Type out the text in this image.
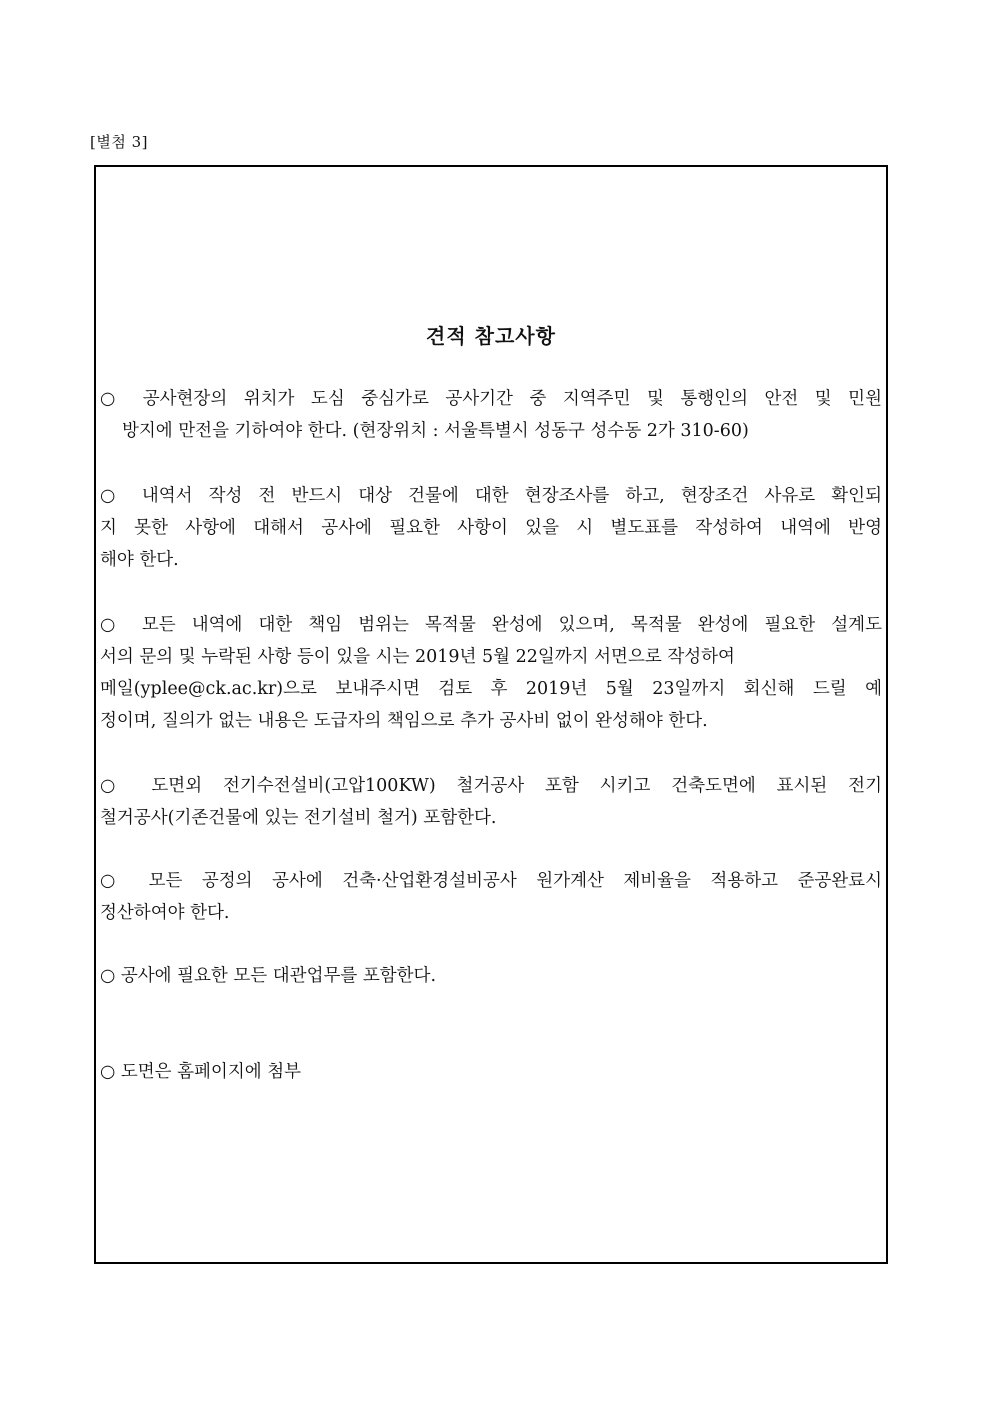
[별첨 3]
견적 참고사항
○ 공사현장의 위치가 도심 중심가로 공사기간 중 지역주민 및 통행인의 안전 및 민원
방지에 만전을 기하여야 한다. (현장위치 : 서울특별시 성동구 성수동 2가 310-60)
○ 내역서 작성 전 반드시 대상 건물에 대한 현장조사를 하고, 현장조건 사유로 확인되
지 못한 사항에 대해서 공사에 필요한 사항이 있을 시 별도표를 작성하여 내역에 반영
해야 한다.
○ 모든 내역에 대한 책임 범위는 목적물 완성에 있으며, 목적물 완성에 필요한 설계도
서의 문의 및 누락된 사항 등이 있을 시는 2019년 5월 22일까지 서면으로 작성하여
메일(yplee@ck.ac.kr)으로 보내주시면 검토 후 2019년 5월 23일까지 회신해 드릴 예
정이며, 질의가 없는 내용은 도급자의 책임으로 추가 공사비 없이 완성해야 한다.
○ 도면외 전기수전설비(고압100KW) 철거공사 포함 시키고 건축도면에 표시된 전기
철거공사(기존건물에 있는 전기설비 철거) 포함한다.
○ 모든 공정의 공사에 건축·산업환경설비공사 원가계산 제비율을 적용하고 준공완료시
정산하여야 한다.
○ 공사에 필요한 모든 대관업무를 포함한다.
○ 도면은 홈페이지에 첨부
